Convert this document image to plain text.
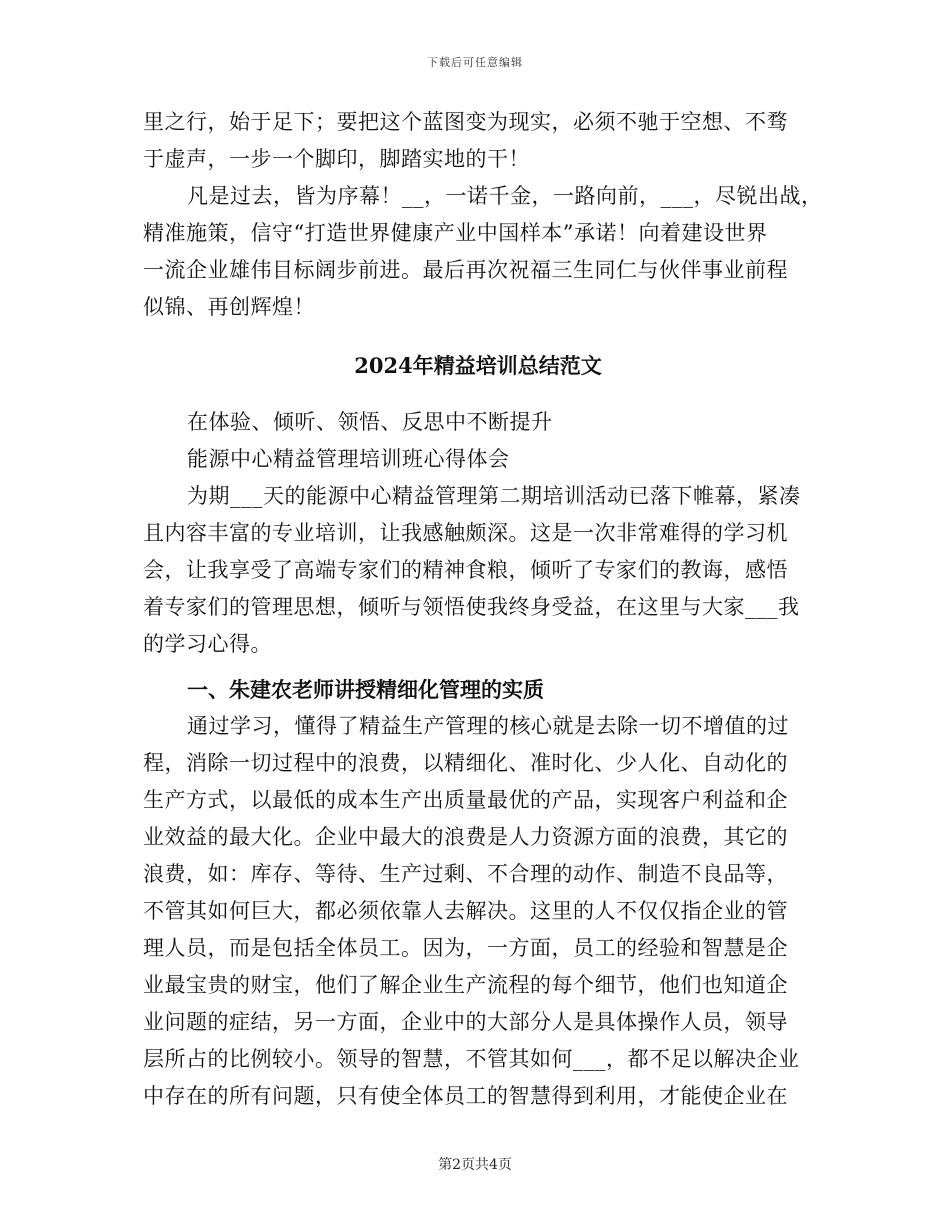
下载后可任意编辑

里之行，始于足下；要把这个蓝图变为现实，必须不驰于空想、不骛

于虚声，一步一个脚印，脚踏实地的干！

凡是过去，皆为序幕！__，一诺千金，一路向前，___，尽锐出战，

精准施策，信守“打造世界健康产业中国样本”承诺！向着建设世界

一流企业雄伟目标阔步前进。最后再次祝福三生同仁与伙伴事业前程

似锦、再创辉煌！

2024年精益培训总结范文

在体验、倾听、领悟、反思中不断提升

能源中心精益管理培训班心得体会

为期___天的能源中心精益管理第二期培训活动已落下帷幕，紧凑

且内容丰富的专业培训，让我感触颇深。这是一次非常难得的学习机

会，让我享受了高端专家们的精神食粮，倾听了专家们的教诲，感悟

着专家们的管理思想，倾听与领悟使我终身受益，在这里与大家___我

的学习心得。

一、朱建农老师讲授精细化管理的实质

通过学习，懂得了精益生产管理的核心就是去除一切不增值的过

程，消除一切过程中的浪费，以精细化、准时化、少人化、自动化的

生产方式，以最低的成本生产出质量最优的产品，实现客户利益和企

业效益的最大化。企业中最大的浪费是人力资源方面的浪费，其它的

浪费，如：库存、等待、生产过剩、不合理的动作、制造不良品等，

不管其如何巨大，都必须依靠人去解决。这里的人不仅仅指企业的管

理人员，而是包括全体员工。因为，一方面，员工的经验和智慧是企

业最宝贵的财宝，他们了解企业生产流程的每个细节，他们也知道企

业问题的症结，另一方面，企业中的大部分人是具体操作人员，领导

层所占的比例较小。领导的智慧，不管其如何___，都不足以解决企业

中存在的所有问题，只有使全体员工的智慧得到利用，才能使企业在

第2页共4页
